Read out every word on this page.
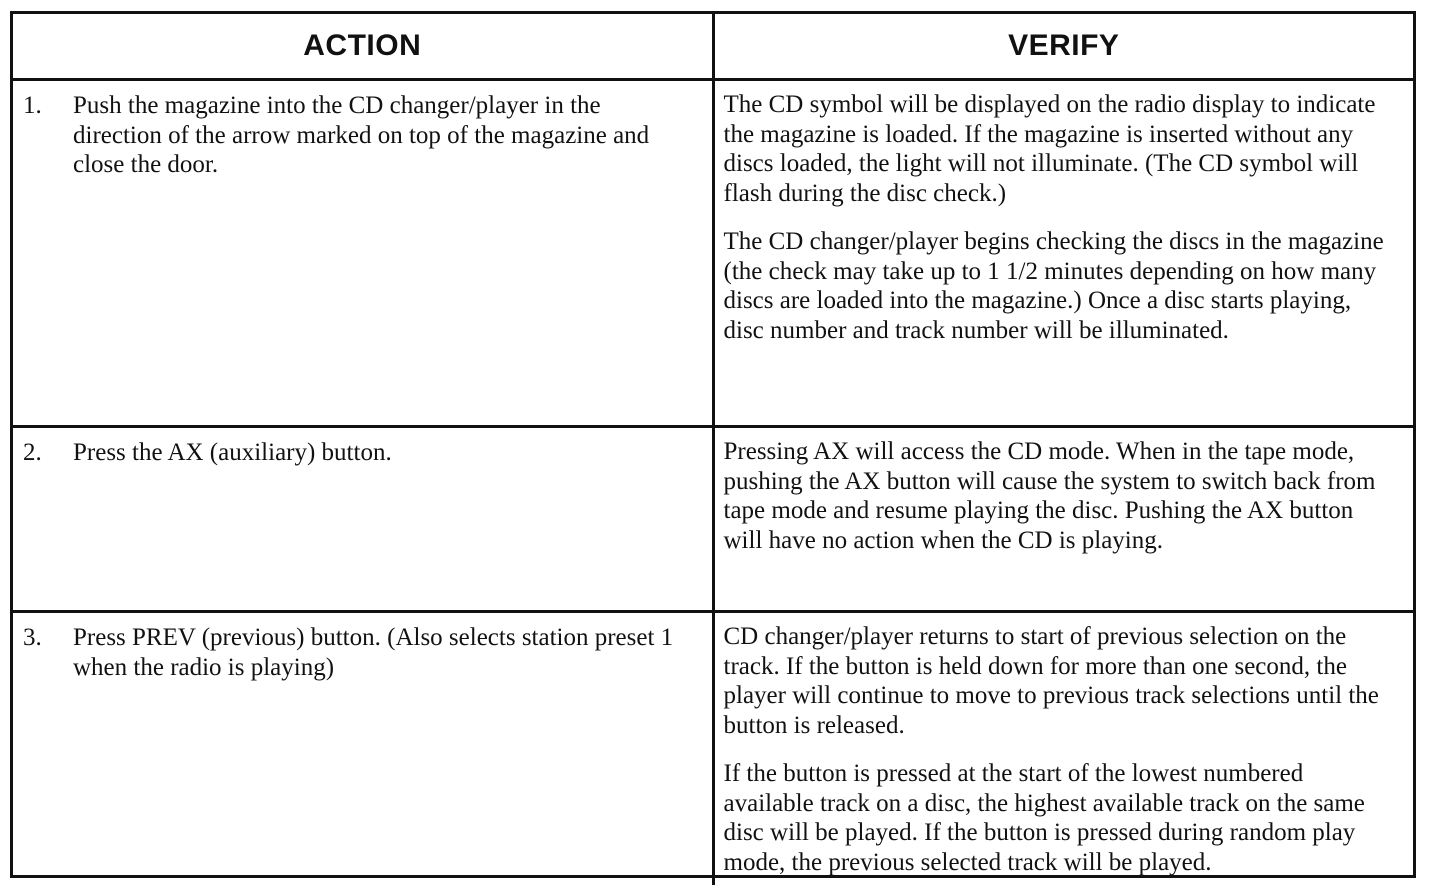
ACTION	VERIFY
1. Push the magazine into the CD changer/player in the direction of the arrow marked on top of the magazine and close the door.	The CD symbol will be displayed on the radio display to indicate the magazine is loaded. If the magazine is inserted without any discs loaded, the light will not illuminate. (The CD symbol will flash during the disc check.)

The CD changer/player begins checking the discs in the magazine (the check may take up to 1 1/2 minutes depending on how many discs are loaded into the magazine.) Once a disc starts playing, disc number and track number will be illuminated.

2. Press the AX (auxiliary) button.	Pressing AX will access the CD mode. When in the tape mode, pushing the AX button will cause the system to switch back from tape mode and resume playing the disc. Pushing the AX button will have no action when the CD is playing.

3. Press PREV (previous) button. (Also selects station preset 1 when the radio is playing)	CD changer/player returns to start of previous selection on the track. If the button is held down for more than one second, the player will continue to move to previous track selections until the button is released.

If the button is pressed at the start of the lowest numbered available track on a disc, the highest available track on the same disc will be played. If the button is pressed during random play mode, the previous selected track will be played.
